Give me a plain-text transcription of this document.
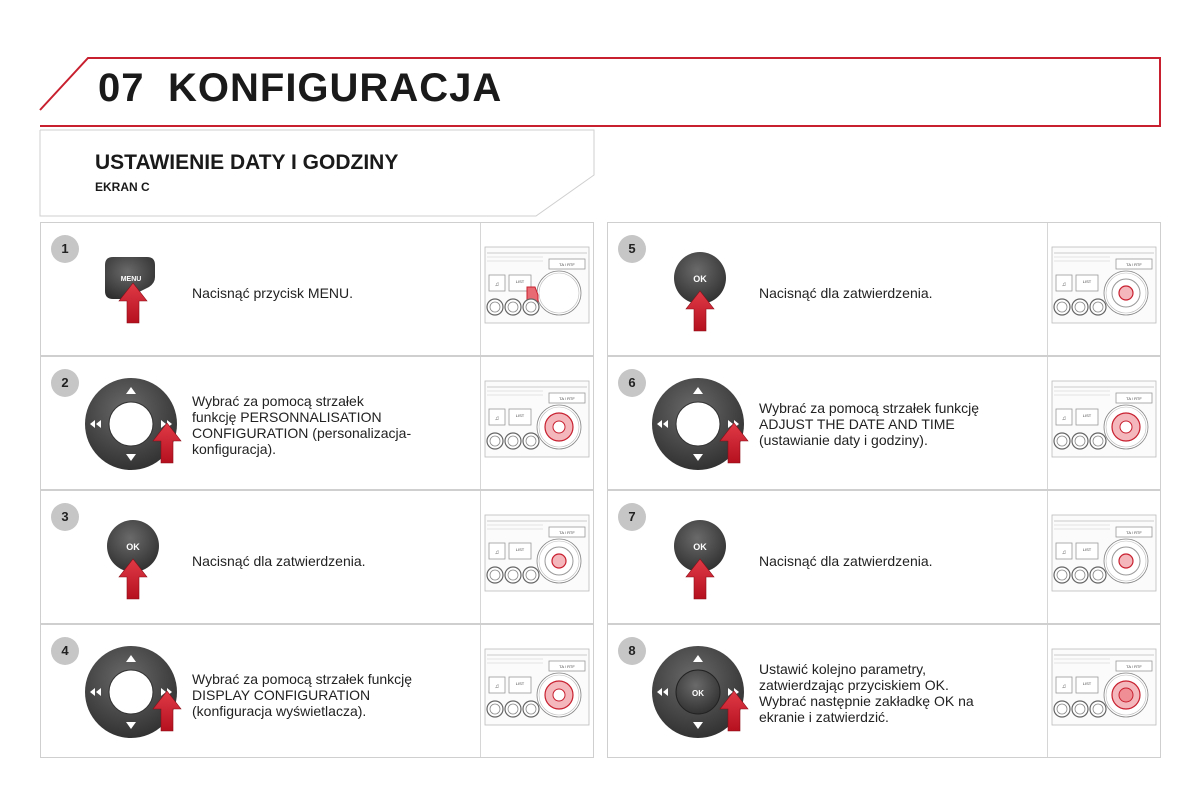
07 KONFIGURACJA
USTAWIENIE DATY I GODZINY
EKRAN C
1
MENU
Nacisnąć przycisk MENU.
TA / RTF
♫
LIST
2
Wybrać za pomocą strzałek
funkcję PERSONNALISATION
CONFIGURATION (personalizacja-
konfiguracja).
TA / RTF
♫
LIST
3
OK
Nacisnąć dla zatwierdzenia.
TA / RTF
♫
LIST
4
Wybrać za pomocą strzałek funkcję
DISPLAY CONFIGURATION
(konfiguracja wyświetlacza).
TA / RTF
♫
LIST
5
OK
Nacisnąć dla zatwierdzenia.
TA / RTF
♫
LIST
6
Wybrać za pomocą strzałek funkcję
ADJUST THE DATE AND TIME
(ustawianie daty i godziny).
TA / RTF
♫
LIST
7
OK
Nacisnąć dla zatwierdzenia.
TA / RTF
♫
LIST
8
OK
Ustawić kolejno parametry,
zatwierdzając przyciskiem OK.
Wybrać następnie zakładkę OK na
ekranie i zatwierdzić.
TA / RTF
♫
LIST
